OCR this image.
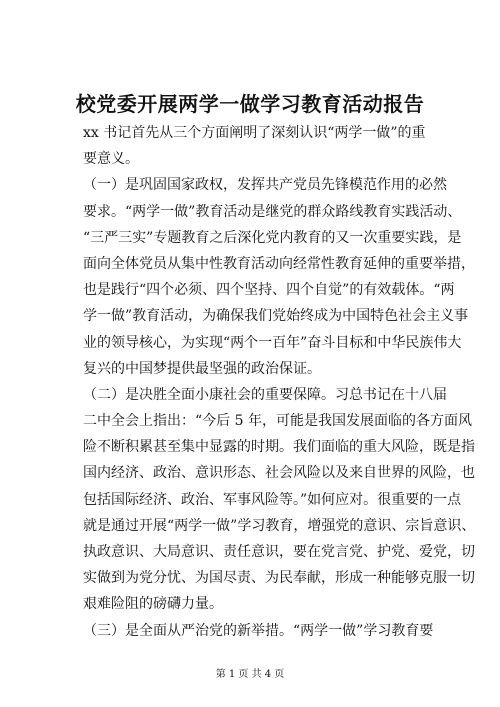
校党委开展两学一做学习教育活动报告
xx 书记首先从三个方面阐明了深刻认识“两学一做”的重
要意义。
（一）是巩固国家政权，发挥共产党员先锋模范作用的必然
要求。“两学一做”教育活动是继党的群众路线教育实践活动、
“三严三实”专题教育之后深化党内教育的又一次重要实践，是
面向全体党员从集中性教育活动向经常性教育延伸的重要举措，
也是践行“四个必须、四个坚持、四个自觉”的有效载体。“两
学一做”教育活动，为确保我们党始终成为中国特色社会主义事
业的领导核心，为实现“两个一百年”奋斗目标和中华民族伟大
复兴的中国梦提供最坚强的政治保证。
（二）是决胜全面小康社会的重要保障。习总书记在十八届
二中全会上指出：“今后 5 年，可能是我国发展面临的各方面风
险不断积累甚至集中显露的时期。我们面临的重大风险，既是指
国内经济、政治、意识形态、社会风险以及来自世界的风险，也
包括国际经济、政治、军事风险等。”如何应对。很重要的一点
就是通过开展“两学一做”学习教育，增强党的意识、宗旨意识、
执政意识、大局意识、责任意识，要在党言党、护党、爱党，切
实做到为党分忧、为国尽责、为民奉献，形成一种能够克服一切
艰难险阻的磅礴力量。
（三）是全面从严治党的新举措。“两学一做”学习教育要
第 1 页 共 4 页
